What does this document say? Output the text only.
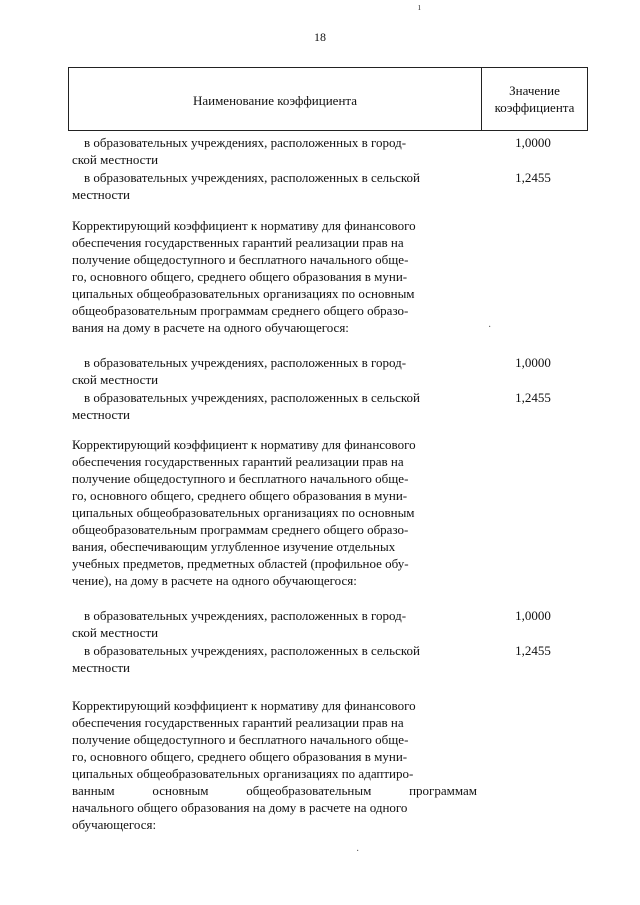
18
Наименование коэффициента
Значение
коэффициента
в образовательных учреждениях, расположенных в город-
ской местности
1,0000
в образовательных учреждениях, расположенных в сельской
местности
1,2455
Корректирующий коэффициент к нормативу для финансового
обеспечения государственных гарантий реализации прав на
получение общедоступного и бесплатного начального обще-
го, основного общего, среднего общего образования в муни-
ципальных общеобразовательных организациях по основным
общеобразовательным программам среднего общего образо-
вания на дому в расчете на одного обучающегося:
в образовательных учреждениях, расположенных в город-
ской местности
1,0000
в образовательных учреждениях, расположенных в сельской
местности
1,2455
Корректирующий коэффициент к нормативу для финансового
обеспечения государственных гарантий реализации прав на
получение общедоступного и бесплатного начального обще-
го, основного общего, среднего общего образования в муни-
ципальных общеобразовательных организациях по основным
общеобразовательным программам среднего общего образо-
вания, обеспечивающим углубленное изучение отдельных
учебных предметов, предметных областей (профильное обу-
чение), на дому в расчете на одного обучающегося:
в образовательных учреждениях, расположенных в город-
ской местности
1,0000
в образовательных учреждениях, расположенных в сельской
местности
1,2455
Корректирующий коэффициент к нормативу для финансового
обеспечения государственных гарантий реализации прав на
получение общедоступного и бесплатного начального обще-
го, основного общего, среднего общего образования в муни-
ципальных общеобразовательных организациях по адаптиро-
ванным основным общеобразовательным программам
начального общего образования на дому в расчете на одного
обучающегося:
ı
·
·
